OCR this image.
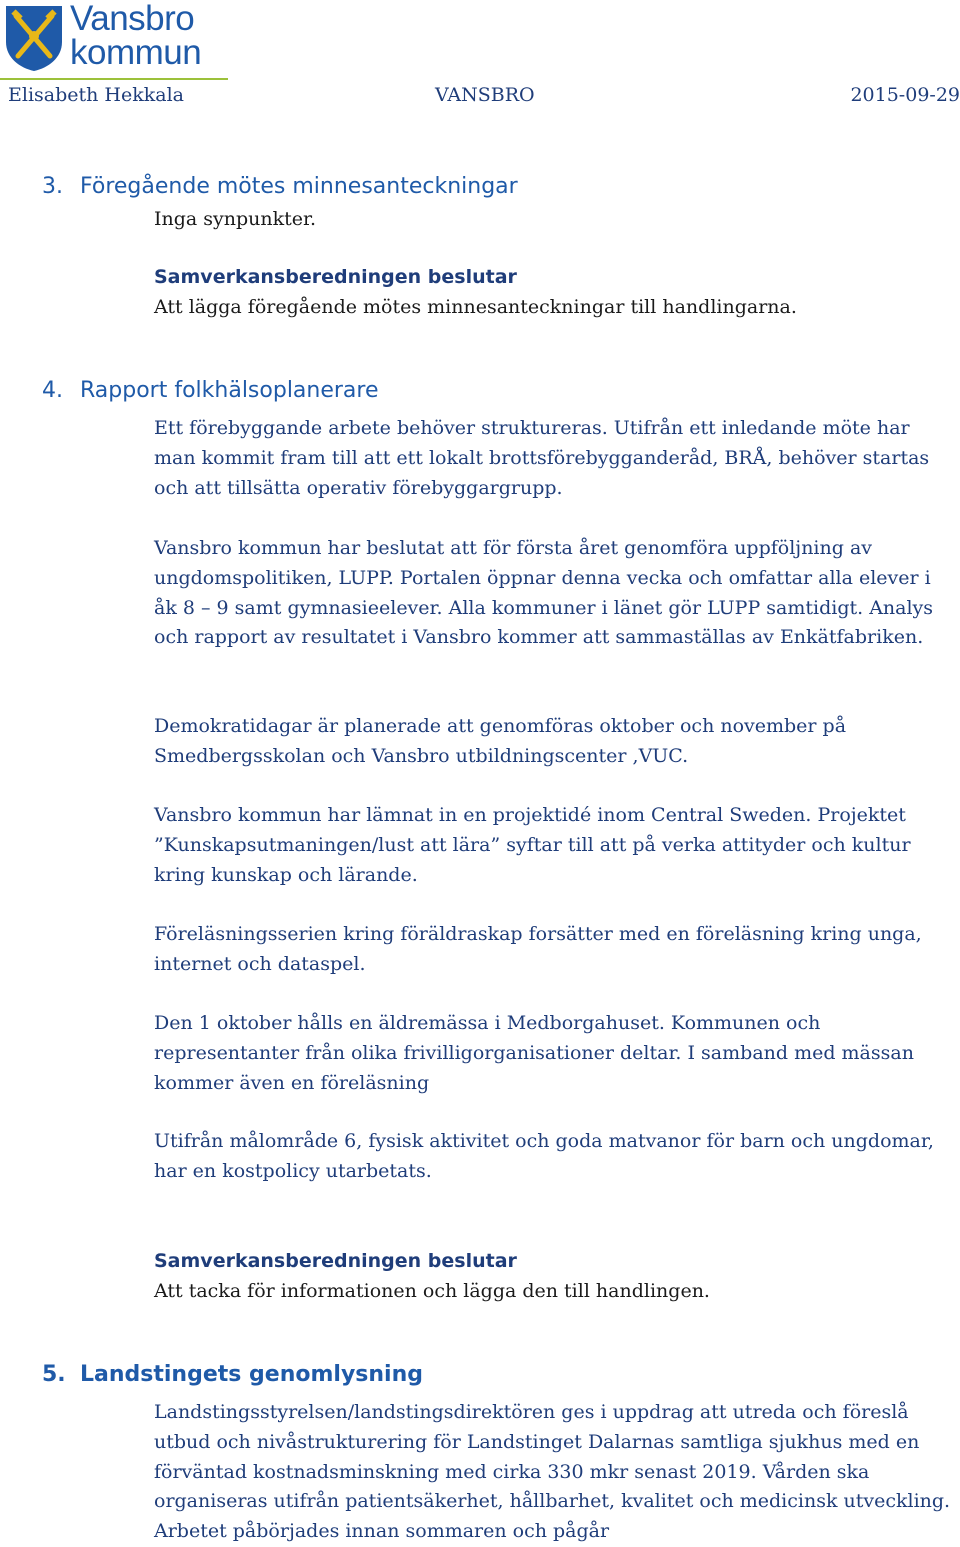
Vansbro
kommun
Elisabeth Hekkala	VANSBRO	2015-09-29
3. Föregående mötes minnesanteckningar
Inga synpunkter.
Samverkansberedningen beslutar
Att lägga föregående mötes minnesanteckningar till handlingarna.
4. Rapport folkhälsoplanerare

Ett förebyggande arbete behöver struktureras. Utifrån ett inledande möte har man kommit fram till att ett lokalt brottsförebygganderåd, BRÅ, behöver startas och att tillsätta operativ förebyggargrupp.

Vansbro kommun har beslutat att för första året genomföra uppföljning av ungdomspolitiken, LUPP. Portalen öppnar denna vecka och omfattar alla elever i åk 8 – 9 samt gymnasieelever. Alla kommuner i länet gör LUPP samtidigt. Analys och rapport av resultatet i Vansbro kommer att sammaställas av Enkätfabriken.

Demokratidagar är planerade att genomföras oktober och november på Smedbergsskolan och Vansbro utbildningscenter ,VUC.

Vansbro kommun har lämnat in en projektidé inom Central Sweden. Projektet ”Kunskapsutmaningen/lust att lära” syftar till att på verka attityder och kultur kring kunskap och lärande.

Föreläsningsserien kring föräldraskap forsätter med en föreläsning kring unga, internet och dataspel.

Den 1 oktober hålls en äldremässa i Medborgahuset. Kommunen och representanter från olika frivilligorganisationer deltar. I samband med mässan kommer även en föreläsning

Utifrån målområde 6, fysisk aktivitet och goda matvanor för barn och ungdomar, har en kostpolicy utarbetats.

Samverkansberedningen beslutar
Att tacka för informationen och lägga den till handlingen.
5. Landstingets genomlysning

Landstingsstyrelsen/landstingsdirektören ges i uppdrag att utreda och föreslå utbud och nivåstrukturering för Landstinget Dalarnas samtliga sjukhus med en förväntad kostnadsminskning med cirka 330 mkr senast 2019. Vården ska organiseras utifrån patientsäkerhet, hållbarhet, kvalitet och medicinsk utveckling. Arbetet påbörjades innan sommaren och pågår
